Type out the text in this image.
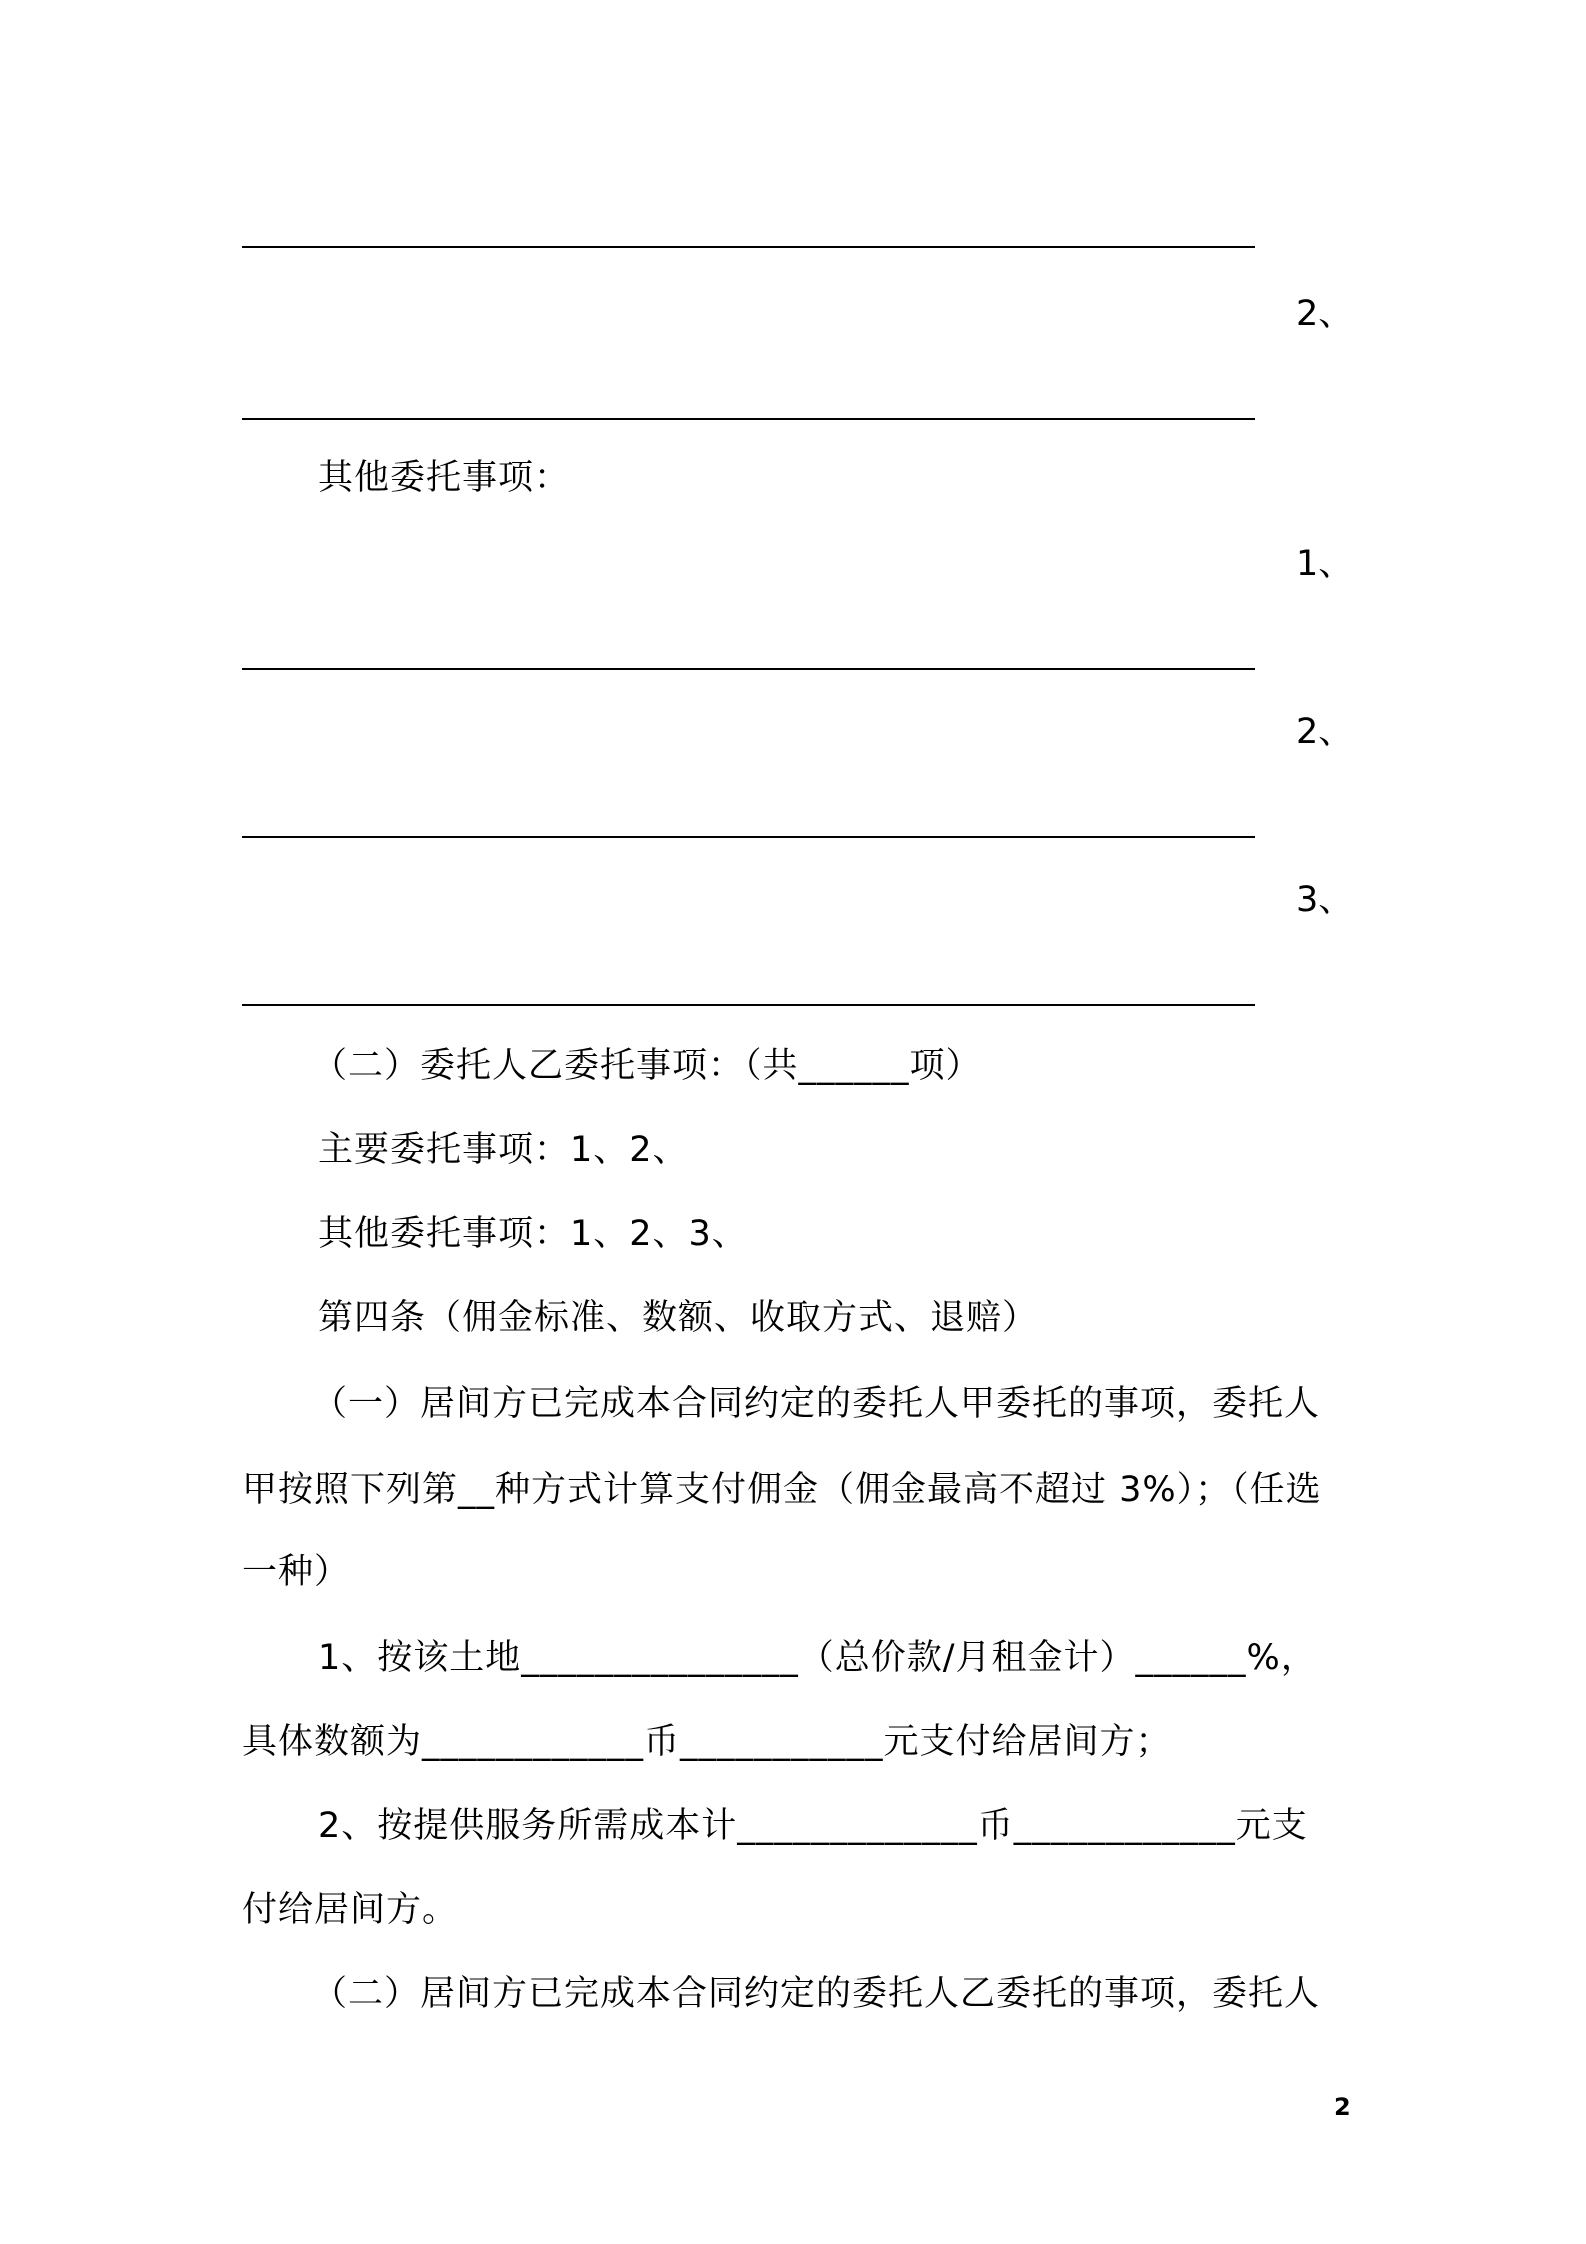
2、
其他委托事项：
1、
2、
3、
（二）委托人乙委托事项：（共______项）
主要委托事项：1、2、
其他委托事项：1、2、3、
第四条（佣金标准、数额、收取方式、退赔）
（一）居间方已完成本合同约定的委托人甲委托的事项，委托人
甲按照下列第__种方式计算支付佣金（佣金最高不超过 3%）；（任选
一种）
1、按该土地_______________（总价款/月租金计）______%，
具体数额为____________币___________元支付给居间方；
2、按提供服务所需成本计_____________币____________元支
付给居间方。
（二）居间方已完成本合同约定的委托人乙委托的事项，委托人
2
